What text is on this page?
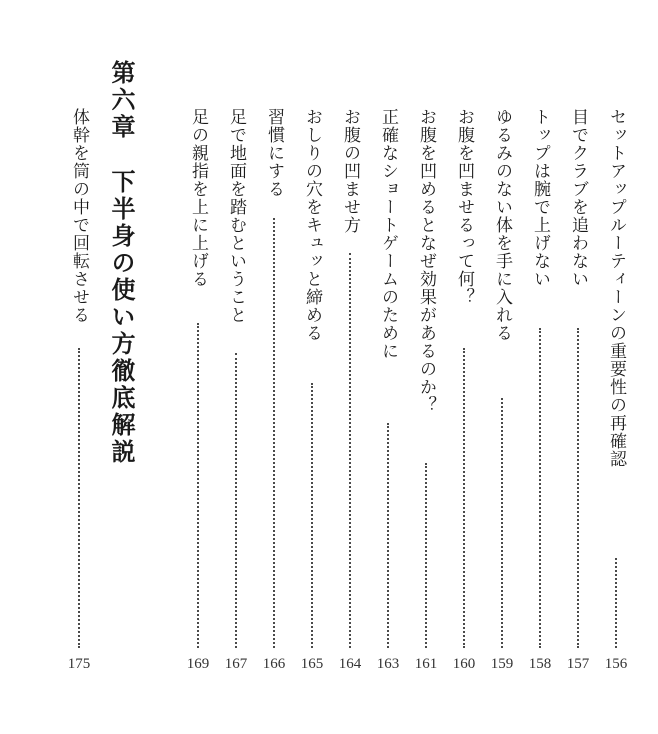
セットアップルーティーンの重要性の再確認
156
目でクラブを追わない
157
トップは腕で上げない
158
ゆるみのない体を手に入れる
159
お腹を凹ませるって何？
160
お腹を凹めるとなぜ効果があるのか？
161
正確なショートゲームのために
163
お腹の凹ませ方
164
おしりの穴をキュッと締める
165
習慣にする
166
足で地面を踏むということ
167
足の親指を上に上げる
169
第六章
下半身の使い方徹底解説
体幹を筒の中で回転させる
175
